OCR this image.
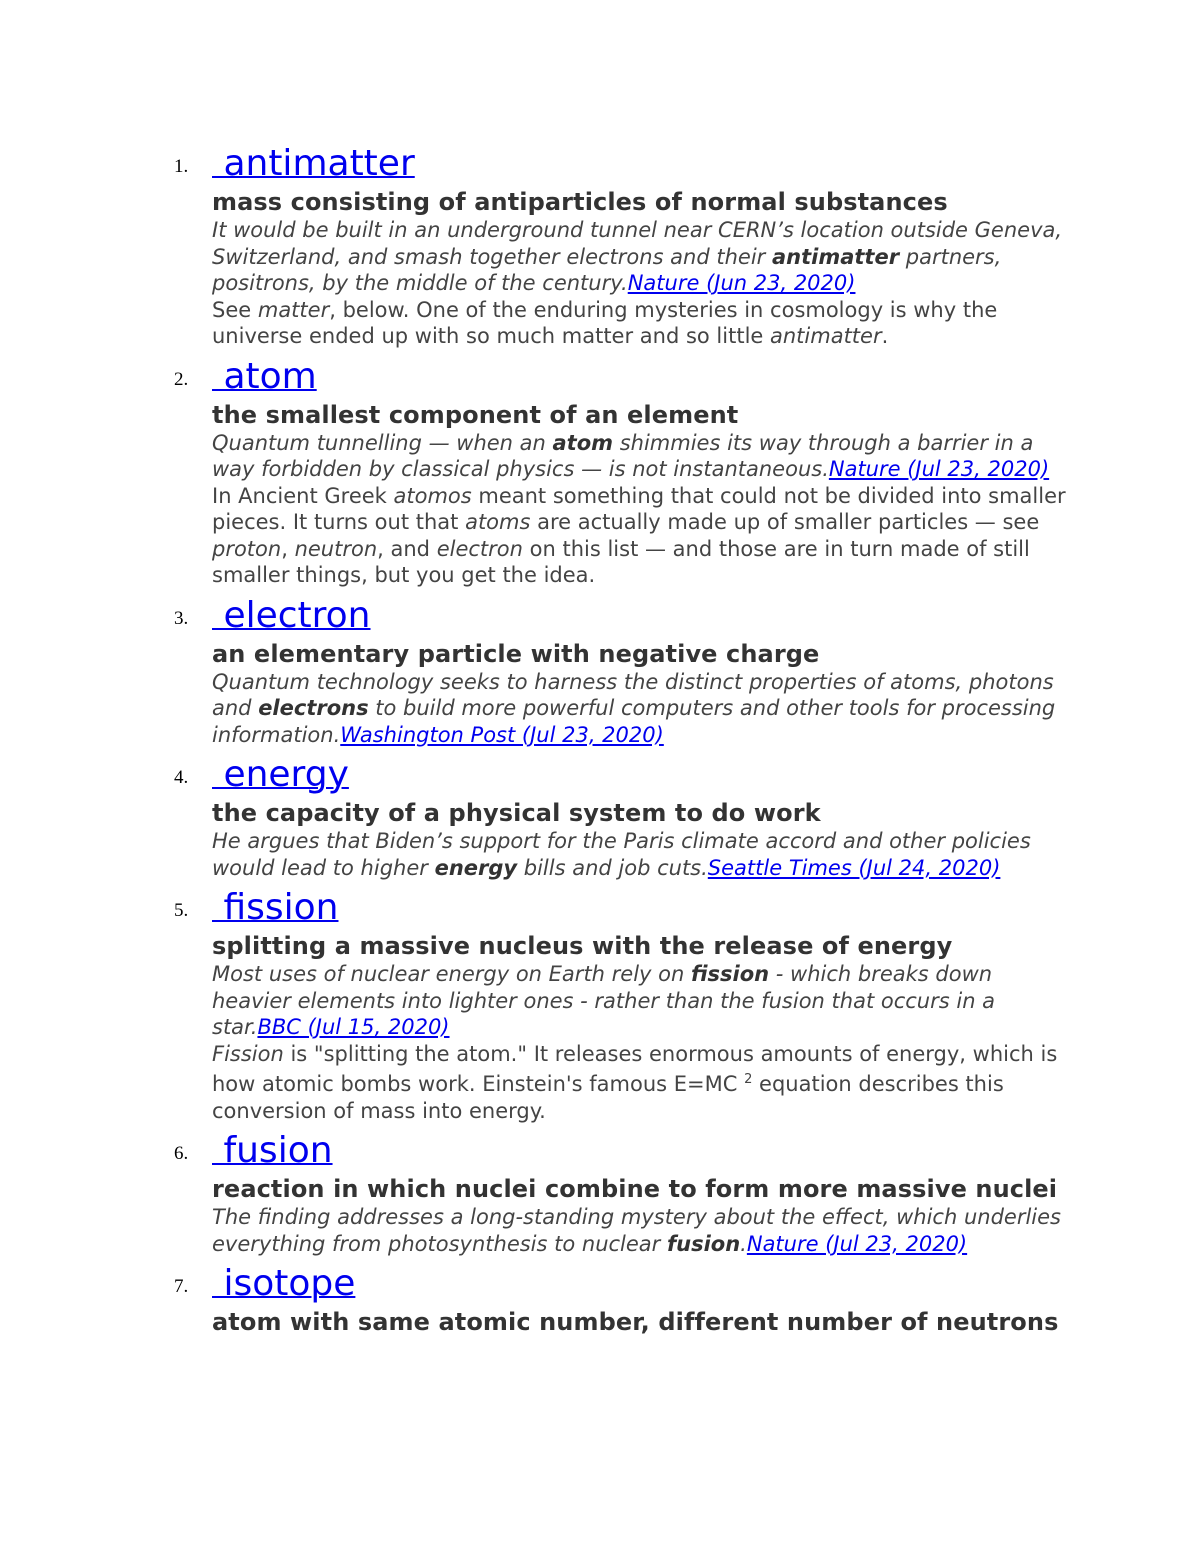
1. antimatter
mass consisting of antiparticles of normal substances
It would be built in an underground tunnel near CERN’s location outside Geneva, Switzerland, and smash together electrons and their antimatter partners, positrons, by the middle of the century.Nature (Jun 23, 2020)
See matter, below. One of the enduring mysteries in cosmology is why the universe ended up with so much matter and so little antimatter.
2. atom
the smallest component of an element
Quantum tunnelling — when an atom shimmies its way through a barrier in a way forbidden by classical physics — is not instantaneous.Nature (Jul 23, 2020)
In Ancient Greek atomos meant something that could not be divided into smaller pieces. It turns out that atoms are actually made up of smaller particles — see proton, neutron, and electron on this list — and those are in turn made of still smaller things, but you get the idea.
3. electron
an elementary particle with negative charge
Quantum technology seeks to harness the distinct properties of atoms, photons and electrons to build more powerful computers and other tools for processing information.Washington Post (Jul 23, 2020)
4. energy
the capacity of a physical system to do work
He argues that Biden’s support for the Paris climate accord and other policies would lead to higher energy bills and job cuts.Seattle Times (Jul 24, 2020)
5. fission
splitting a massive nucleus with the release of energy
Most uses of nuclear energy on Earth rely on fission - which breaks down heavier elements into lighter ones - rather than the fusion that occurs in a star.BBC (Jul 15, 2020)
Fission is "splitting the atom." It releases enormous amounts of energy, which is how atomic bombs work. Einstein's famous E=MC $^2$ equation describes this conversion of mass into energy.
6. fusion
reaction in which nuclei combine to form more massive nuclei
The finding addresses a long-standing mystery about the effect, which underlies everything from photosynthesis to nuclear fusion.Nature (Jul 23, 2020)
7. isotope
atom with same atomic number, different number of neutrons
